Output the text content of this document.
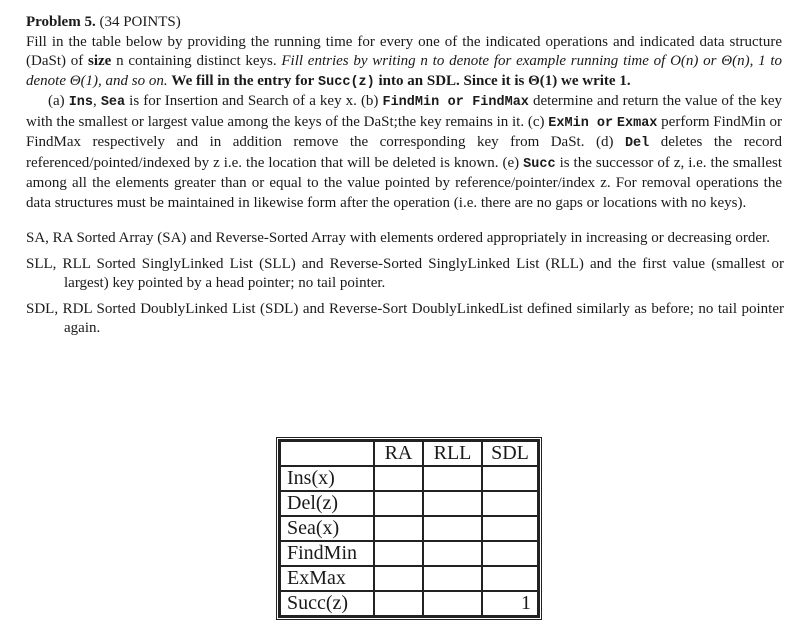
Problem 5. (34 POINTS)

Fill in the table below by providing the running time for every one of the indicated operations and indicated data structure (DaSt) of size n containing distinct keys. Fill entries by writing n to denote for example running time of O(n) or Θ(n), 1 to denote Θ(1), and so on. We fill in the entry for Succ(z) into an SDL. Since it is Θ(1) we write 1.

(a) Ins, Sea is for Insertion and Search of a key x. (b) FindMin or FindMax determine and return the value of the key with the smallest or largest value among the keys of the DaSt;the key remains in it. (c) ExMin or Exmax perform FindMin or FindMax respectively and in addition remove the corresponding key from DaSt. (d) Del deletes the record referenced/pointed/indexed by z i.e. the location that will be deleted is known. (e) Succ is the successor of z, i.e. the smallest among all the elements greater than or equal to the value pointed by reference/pointer/index z. For removal operations the data structures must be maintained in likewise form after the operation (i.e. there are no gaps or locations with no keys).

SA, RA Sorted Array (SA) and Reverse-Sorted Array with elements ordered appropriately in increasing or decreasing order.

SLL, RLL Sorted SinglyLinked List (SLL) and Reverse-Sorted SinglyLinked List (RLL) and the first value (smallest or largest) key pointed by a head pointer; no tail pointer.

SDL, RDL Sorted DoublyLinked List (SDL) and Reverse-Sort DoublyLinkedList defined similarly as before; no tail pointer again.

	RA	RLL	SDL
Ins(x)			
Del(z)			
Sea(x)			
FindMin			
ExMax			
Succ(z)			1
